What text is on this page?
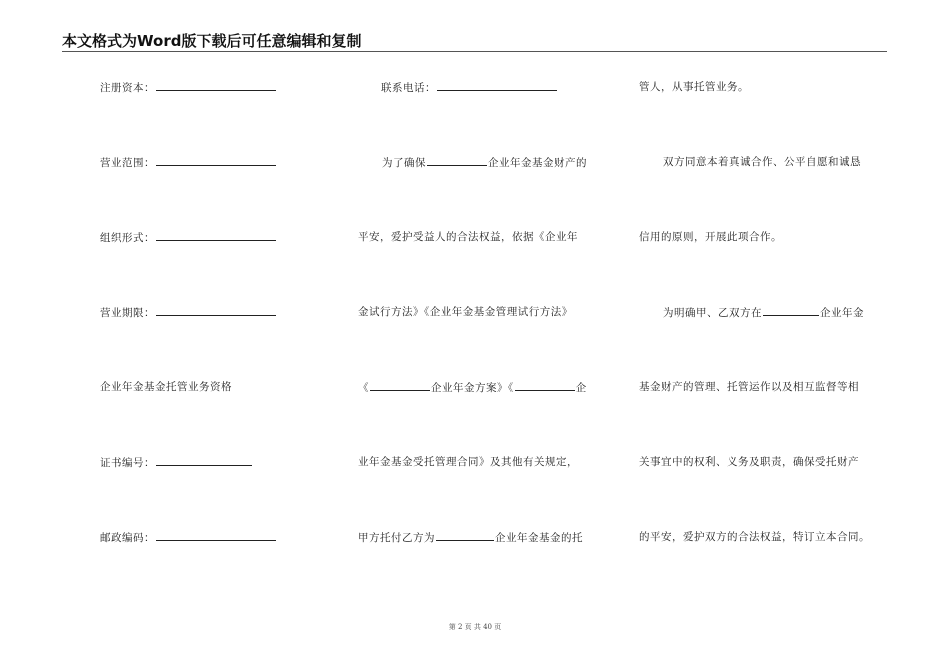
本文格式为Word版下载后可任意编辑和复制
注册资本：
营业范围：
组织形式：
营业期限：
企业年金基金托管业务资格
证书编号：
邮政编码：
联系电话：
为了确保	企业年金基金财产的
平安，爱护受益人的合法权益，依据《企业年
金试行方法》《企业年金基金管理试行方法》
《	企业年金方案》《	企
业年金基金受托管理合同》及其他有关规定，
甲方托付乙方为	企业年金基金的托
管人，从事托管业务。
双方同意本着真诚合作、公平自愿和诚恳
信用的原则，开展此项合作。
为明确甲、乙双方在	企业年金
基金财产的管理、托管运作以及相互监督等相
关事宜中的权利、义务及职责，确保受托财产
的平安，爱护双方的合法权益，特订立本合同。
第 2 页 共 40 页
